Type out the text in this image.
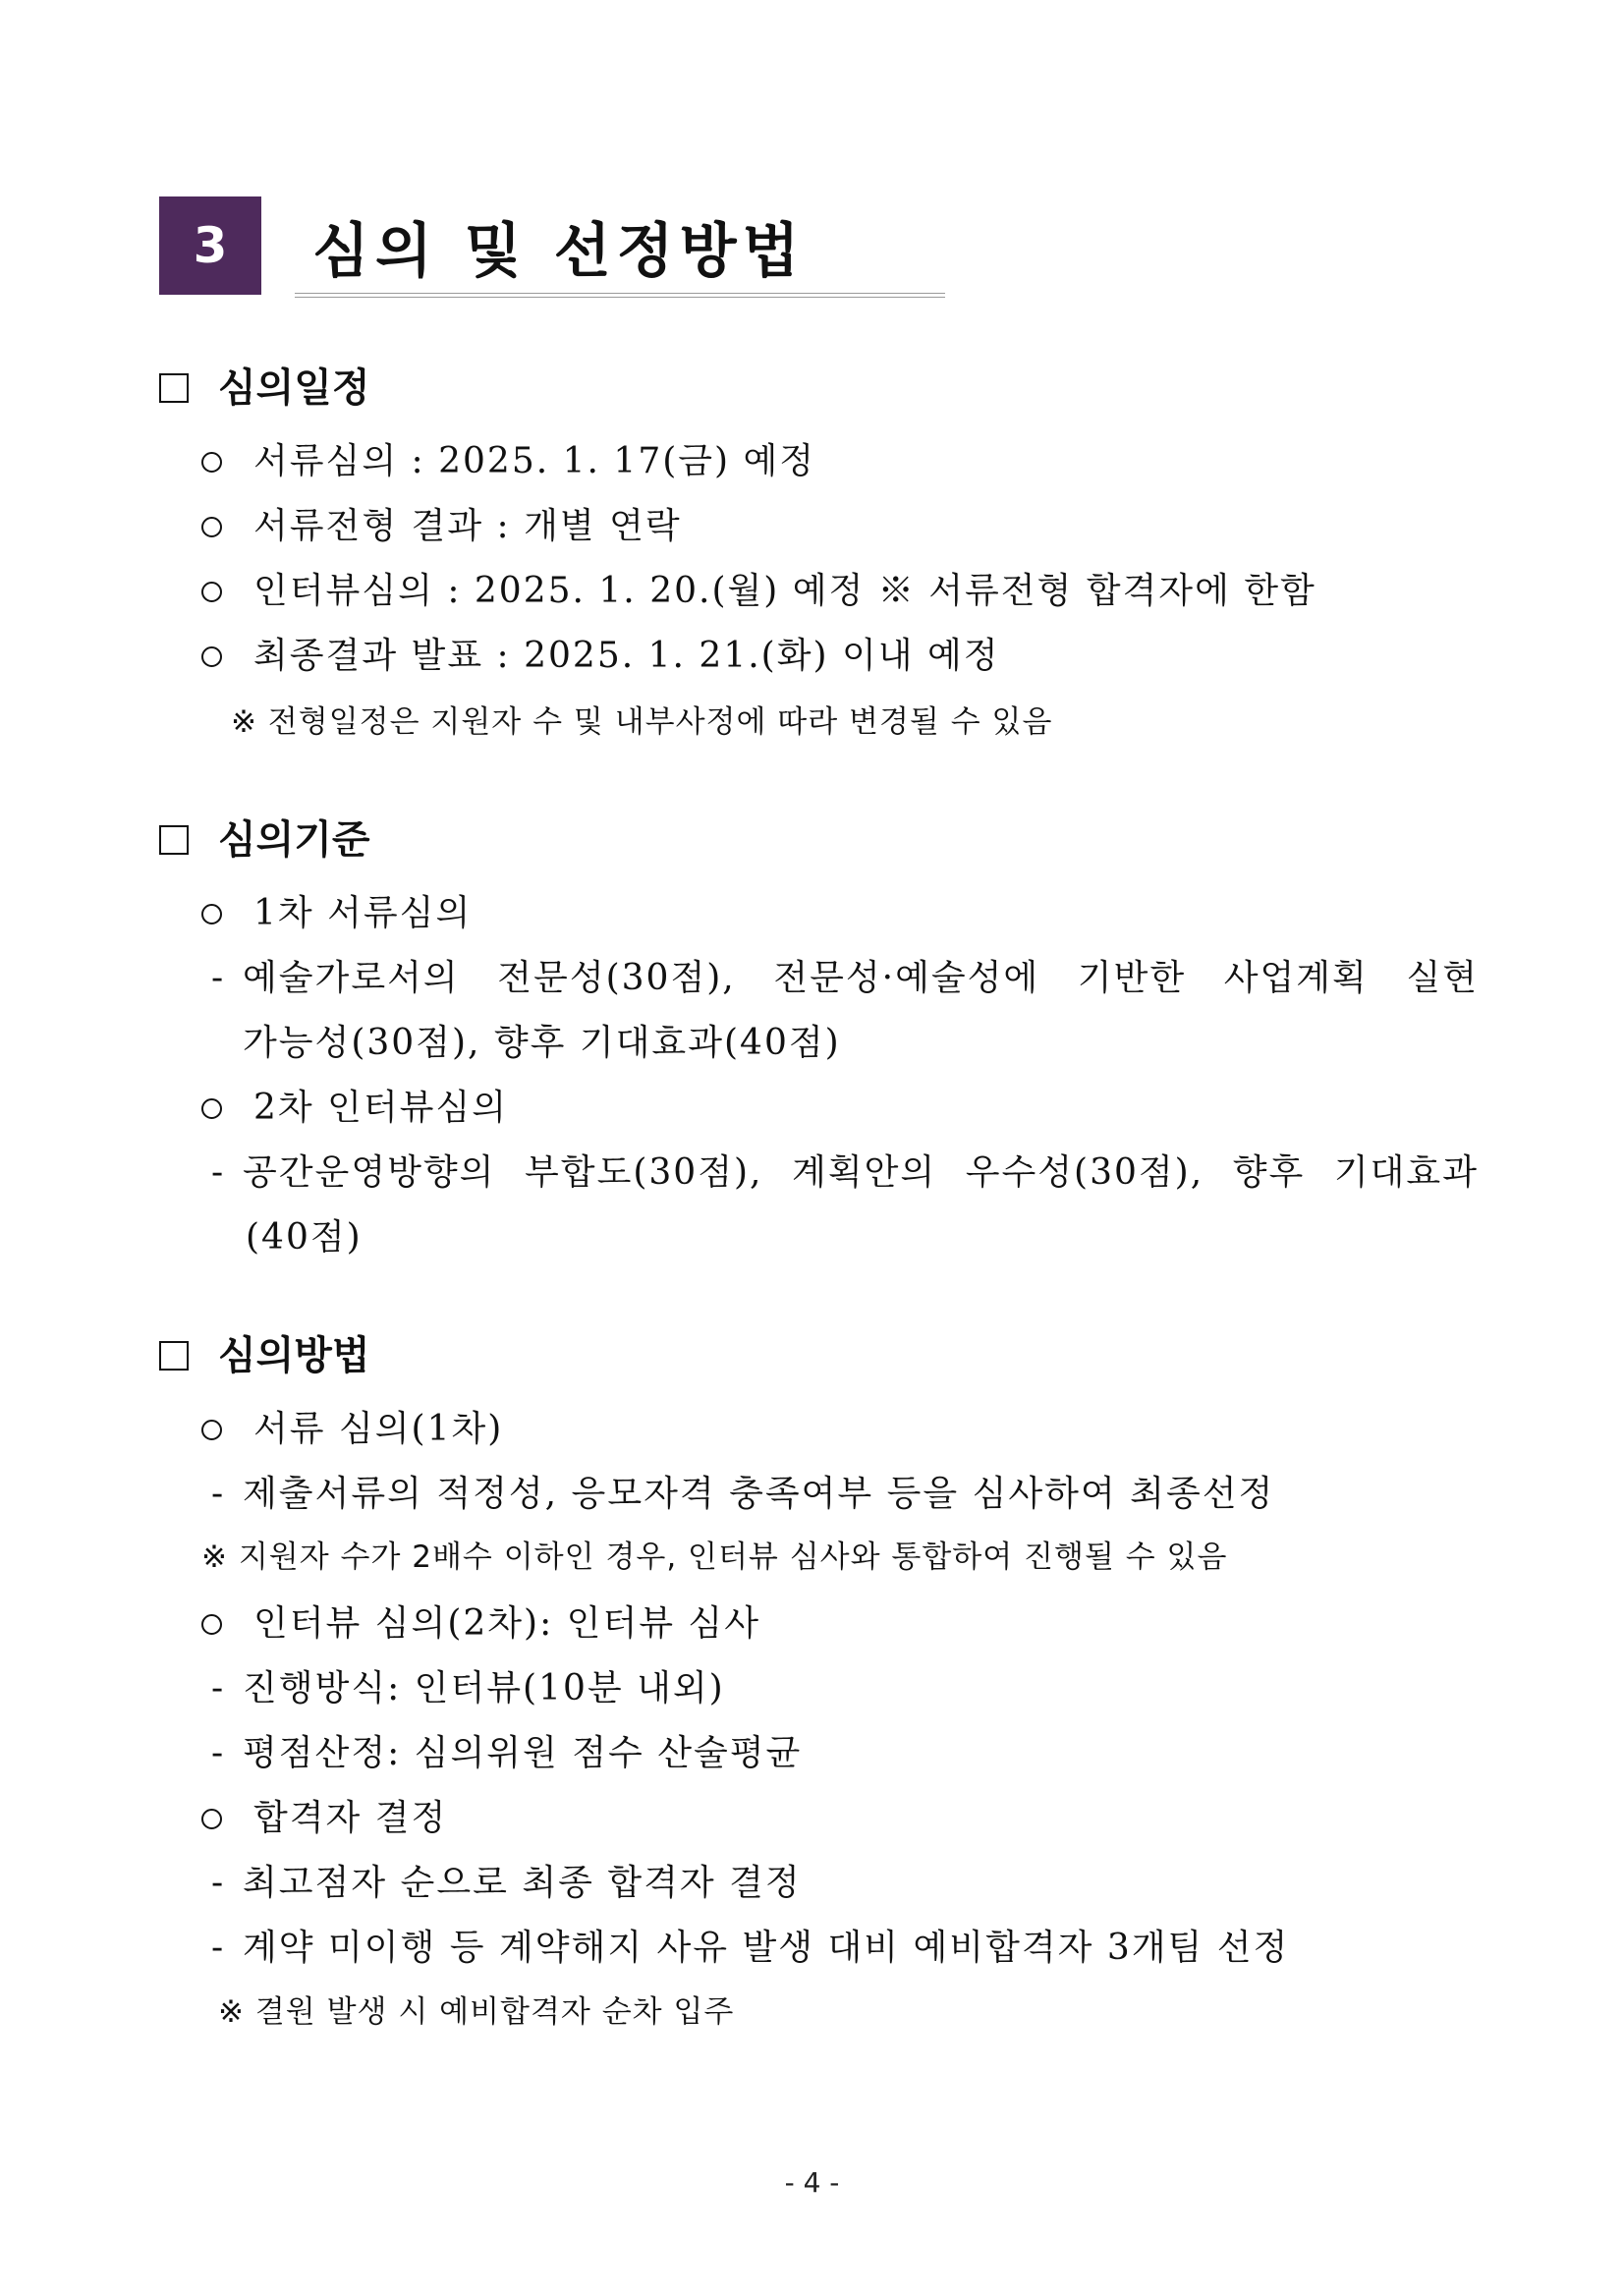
3 심의 및 선정방법
심의일정
서류심의 : 2025. 1. 17(금) 예정
서류전형 결과 : 개별 연락
인터뷰심의 : 2025. 1. 20.(월) 예정 ※ 서류전형 합격자에 한함
최종결과 발표 : 2025. 1. 21.(화) 이내 예정
※ 전형일정은 지원자 수 및 내부사정에 따라 변경될 수 있음
심의기준
1차 서류심의
- 예술가로서의 전문성(30점), 전문성·예술성에 기반한 사업계획 실현
가능성(30점), 향후 기대효과(40점)
2차 인터뷰심의
- 공간운영방향의 부합도(30점), 계획안의 우수성(30점), 향후 기대효과
(40점)
심의방법
서류 심의(1차)
- 제출서류의 적정성, 응모자격 충족여부 등을 심사하여 최종선정
※ 지원자 수가 2배수 이하인 경우, 인터뷰 심사와 통합하여 진행될 수 있음
인터뷰 심의(2차): 인터뷰 심사
- 진행방식: 인터뷰(10분 내외)
- 평점산정: 심의위원 점수 산술평균
합격자 결정
- 최고점자 순으로 최종 합격자 결정
- 계약 미이행 등 계약해지 사유 발생 대비 예비합격자 3개팀 선정
※ 결원 발생 시 예비합격자 순차 입주
- 4 -
